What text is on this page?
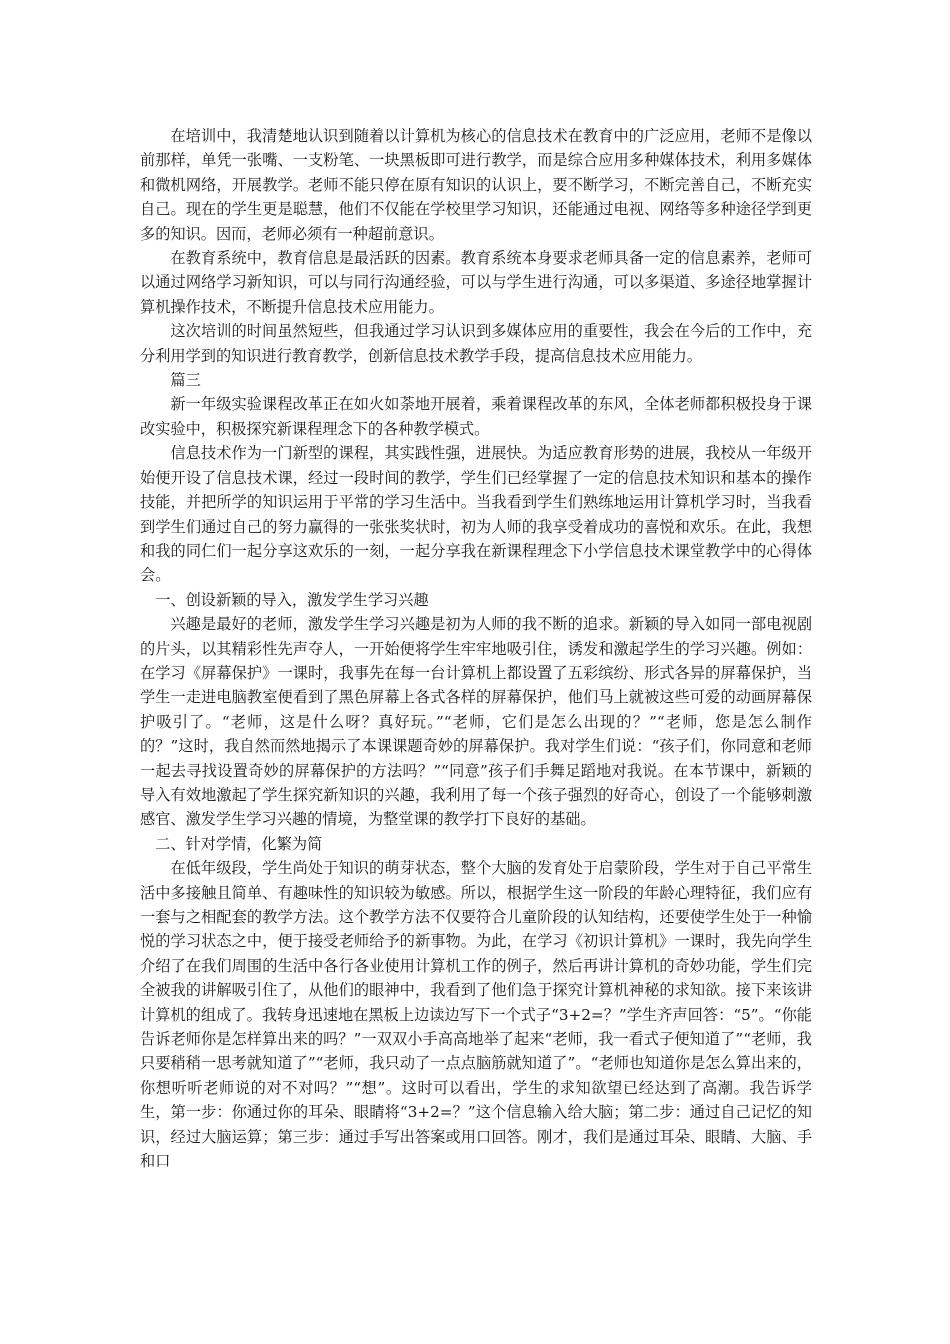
在培训中，我清楚地认识到随着以计算机为核心的信息技术在教育中的广泛应用，老师不是像以前那样，单凭一张嘴、一支粉笔、一块黑板即可进行教学，而是综合应用多种媒体技术，利用多媒体和微机网络，开展教学。老师不能只停在原有知识的认识上，要不断学习，不断完善自己，不断充实自己。现在的学生更是聪慧，他们不仅能在学校里学习知识，还能通过电视、网络等多种途径学到更多的知识。因而，老师必须有一种超前意识。

在教育系统中，教育信息是最活跃的因素。教育系统本身要求老师具备一定的信息素养，老师可以通过网络学习新知识，可以与同行沟通经验，可以与学生进行沟通，可以多渠道、多途径地掌握计算机操作技术，不断提升信息技术应用能力。

这次培训的时间虽然短些，但我通过学习认识到多媒体应用的重要性，我会在今后的工作中，充分利用学到的知识进行教育教学，创新信息技术教学手段，提高信息技术应用能力。

篇三

新一年级实验课程改革正在如火如荼地开展着，乘着课程改革的东风，全体老师都积极投身于课改实验中，积极探究新课程理念下的各种教学模式。

信息技术作为一门新型的课程，其实践性强，进展快。为适应教育形势的进展，我校从一年级开始便开设了信息技术课，经过一段时间的教学，学生们已经掌握了一定的信息技术知识和基本的操作技能，并把所学的知识运用于平常的学习生活中。当我看到学生们熟练地运用计算机学习时，当我看到学生们通过自己的努力赢得的一张张奖状时，初为人师的我享受着成功的喜悦和欢乐。在此，我想和我的同仁们一起分享这欢乐的一刻，一起分享我在新课程理念下小学信息技术课堂教学中的心得体会。

一、创设新颖的导入，激发学生学习兴趣

兴趣是最好的老师，激发学生学习兴趣是初为人师的我不断的追求。新颖的导入如同一部电视剧的片头，以其精彩性先声夺人，一开始便将学生牢牢地吸引住，诱发和激起学生的学习兴趣。例如：在学习《屏幕保护》一课时，我事先在每一台计算机上都设置了五彩缤纷、形式各异的屏幕保护，当学生一走进电脑教室便看到了黑色屏幕上各式各样的屏幕保护，他们马上就被这些可爱的动画屏幕保护吸引了。“老师，这是什么呀？真好玩。”“老师，它们是怎么出现的？”“老师，您是怎么制作的？”这时，我自然而然地揭示了本课课题奇妙的屏幕保护。我对学生们说：“孩子们，你同意和老师一起去寻找设置奇妙的屏幕保护的方法吗？”“同意”孩子们手舞足蹈地对我说。在本节课中，新颖的导入有效地激起了学生探究新知识的兴趣，我利用了每一个孩子强烈的好奇心，创设了一个能够刺激感官、激发学生学习兴趣的情境，为整堂课的教学打下良好的基础。

二、针对学情，化繁为简

在低年级段，学生尚处于知识的萌芽状态，整个大脑的发育处于启蒙阶段，学生对于自己平常生活中多接触且简单、有趣味性的知识较为敏感。所以，根据学生这一阶段的年龄心理特征，我们应有一套与之相配套的教学方法。这个教学方法不仅要符合儿童阶段的认知结构，还要使学生处于一种愉悦的学习状态之中，便于接受老师给予的新事物。为此，在学习《初识计算机》一课时，我先向学生介绍了在我们周围的生活中各行各业使用计算机工作的例子，然后再讲计算机的奇妙功能，学生们完全被我的讲解吸引住了，从他们的眼神中，我看到了他们急于探究计算机神秘的求知欲。接下来该讲计算机的组成了。我转身迅速地在黑板上边读边写下一个式子“3+2=？”学生齐声回答：“5”。“你能告诉老师你是怎样算出来的吗？”一双双小手高高地举了起来“老师，我一看式子便知道了”“老师，我只要稍稍一思考就知道了”“老师，我只动了一点点脑筋就知道了”。“老师也知道你是怎么算出来的，你想听听老师说的对不对吗？”“想”。这时可以看出，学生的求知欲望已经达到了高潮。我告诉学生，第一步：你通过你的耳朵、眼睛将“3+2=？”这个信息输入给大脑；第二步：通过自己记忆的知识，经过大脑运算；第三步：通过手写出答案或用口回答。刚才，我们是通过耳朵、眼睛、大脑、手和口
